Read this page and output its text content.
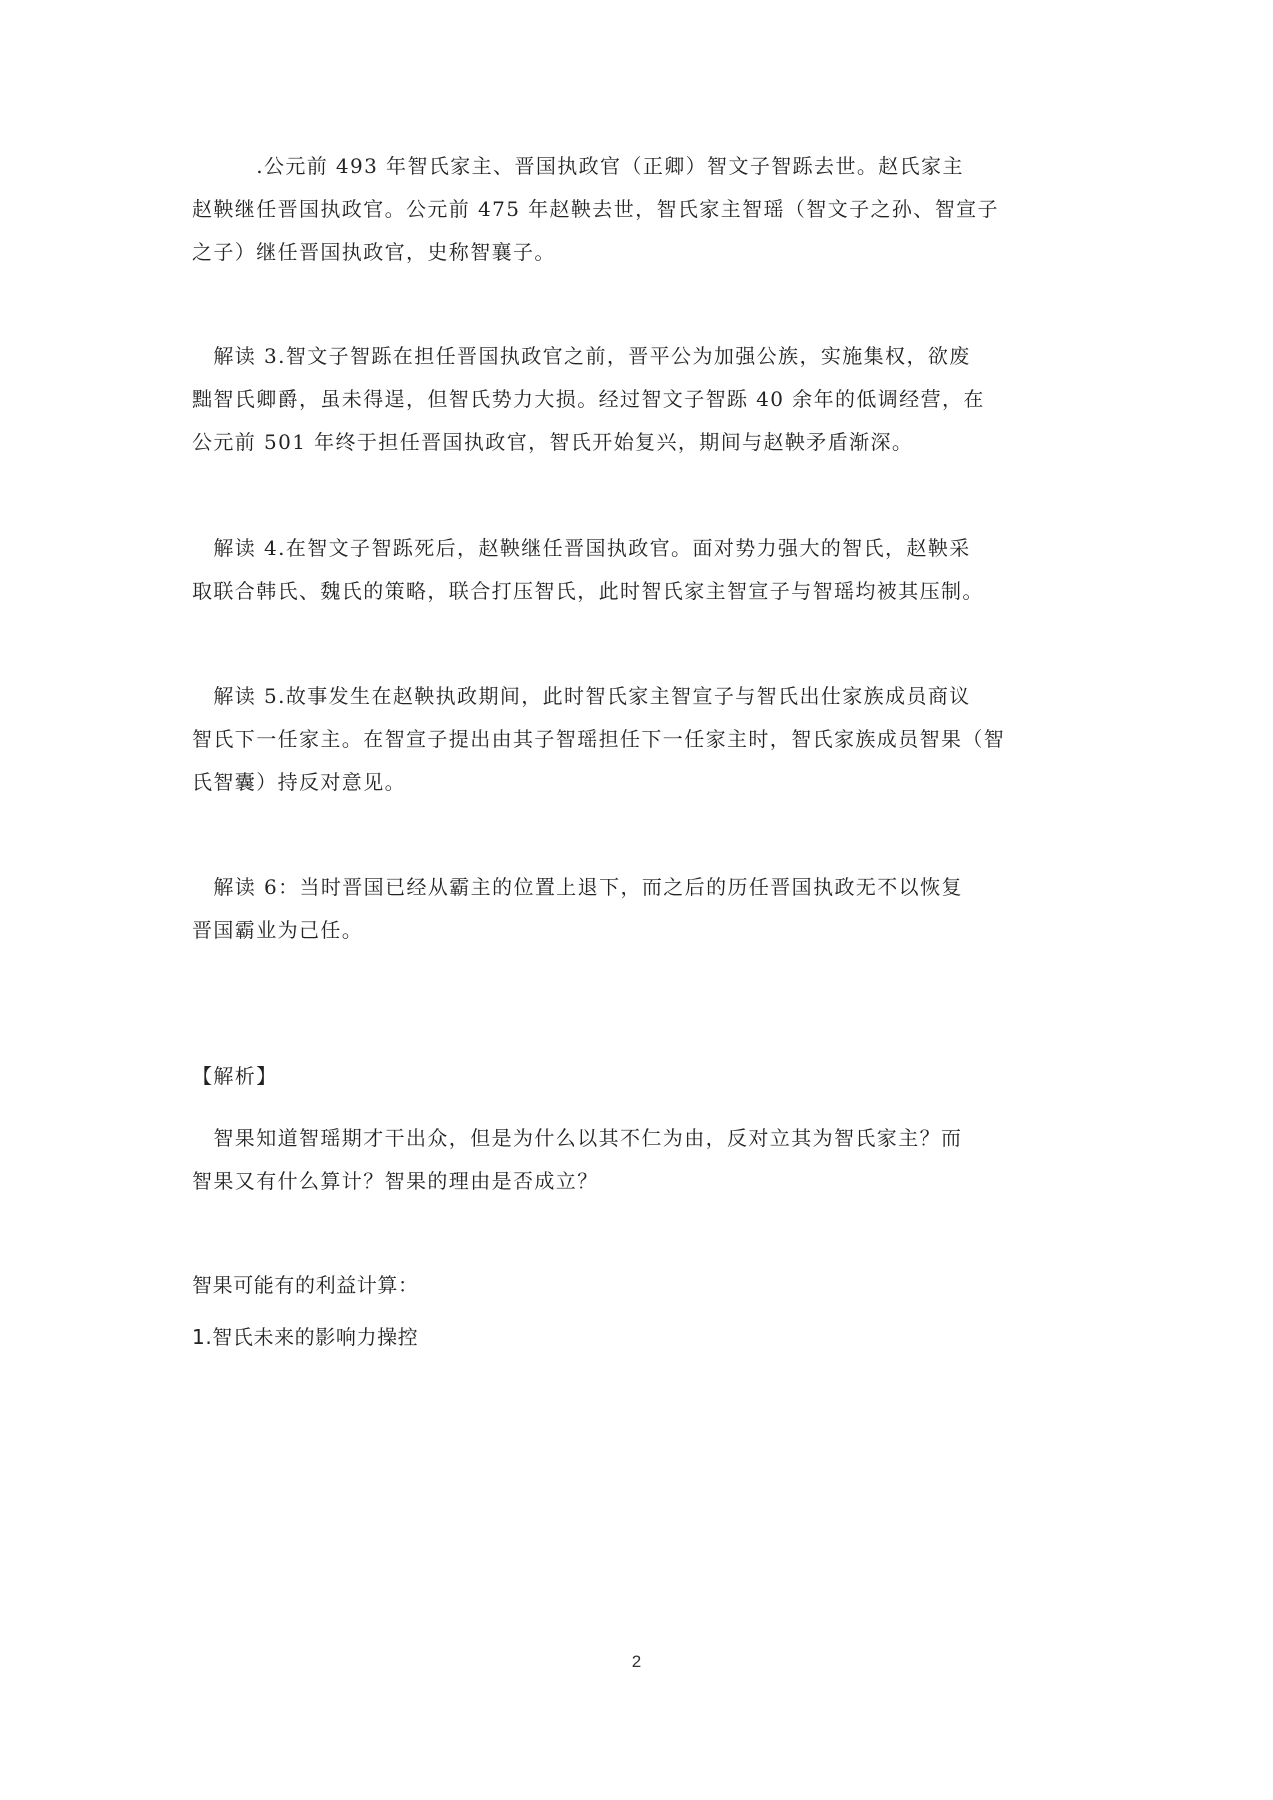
　　　.公元前 493 年智氏家主、晋国执政官（正卿）智文子智跞去世。赵氏家主
赵鞅继任晋国执政官。公元前 475 年赵鞅去世，智氏家主智瑶（智文子之孙、智宣子
之子）继任晋国执政官，史称智襄子。

　解读 3.智文子智跞在担任晋国执政官之前，晋平公为加强公族，实施集权，欲废
黜智氏卿爵，虽未得逞，但智氏势力大损。经过智文子智跞 40 余年的低调经营，在
公元前 501 年终于担任晋国执政官，智氏开始复兴，期间与赵鞅矛盾渐深。

　解读 4.在智文子智跞死后，赵鞅继任晋国执政官。面对势力强大的智氏，赵鞅采
取联合韩氏、魏氏的策略，联合打压智氏，此时智氏家主智宣子与智瑶均被其压制。

　解读 5.故事发生在赵鞅执政期间，此时智氏家主智宣子与智氏出仕家族成员商议
智氏下一任家主。在智宣子提出由其子智瑶担任下一任家主时，智氏家族成员智果（智
氏智囊）持反对意见。

　解读 6：当时晋国已经从霸主的位置上退下，而之后的历任晋国执政无不以恢复
晋国霸业为己任。

【解析】

　智果知道智瑶期才干出众，但是为什么以其不仁为由，反对立其为智氏家主？而
智果又有什么算计？智果的理由是否成立？

智果可能有的利益计算：

1.智氏未来的影响力操控

2
